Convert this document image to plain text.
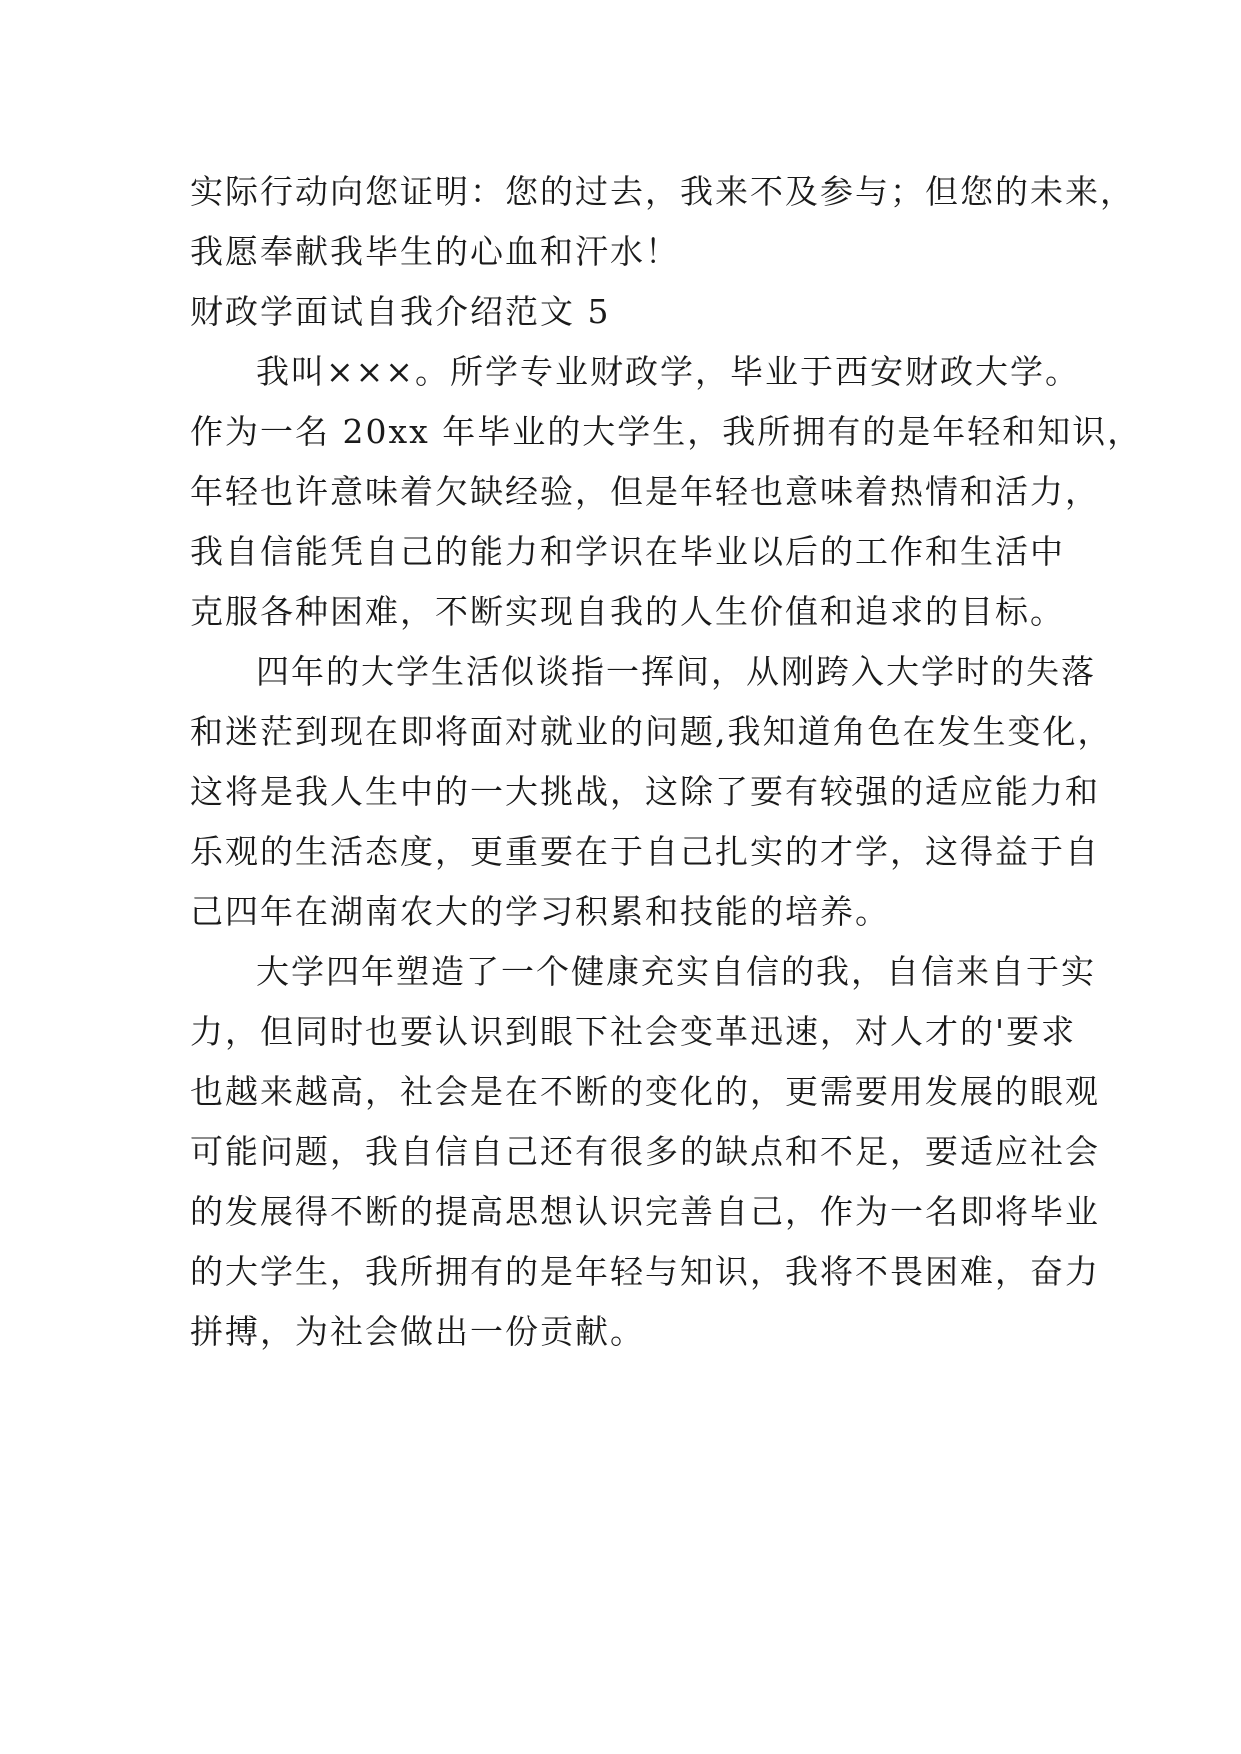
实际行动向您证明：您的过去，我来不及参与；但您的未来，
我愿奉献我毕生的心血和汗水！
财政学面试自我介绍范文 5
我叫×××。所学专业财政学，毕业于西安财政大学。
作为一名 20xx 年毕业的大学生，我所拥有的是年轻和知识，
年轻也许意味着欠缺经验，但是年轻也意味着热情和活力，
我自信能凭自己的能力和学识在毕业以后的工作和生活中
克服各种困难，不断实现自我的人生价值和追求的目标。
四年的大学生活似谈指一挥间，从刚跨入大学时的失落
和迷茫到现在即将面对就业的问题,我知道角色在发生变化，
这将是我人生中的一大挑战，这除了要有较强的适应能力和
乐观的生活态度，更重要在于自己扎实的才学，这得益于自
己四年在湖南农大的学习积累和技能的培养。
大学四年塑造了一个健康充实自信的我，自信来自于实
力，但同时也要认识到眼下社会变革迅速，对人才的'要求
也越来越高，社会是在不断的变化的，更需要用发展的眼观
可能问题，我自信自己还有很多的缺点和不足，要适应社会
的发展得不断的提高思想认识完善自己，作为一名即将毕业
的大学生，我所拥有的是年轻与知识，我将不畏困难，奋力
拼搏，为社会做出一份贡献。
